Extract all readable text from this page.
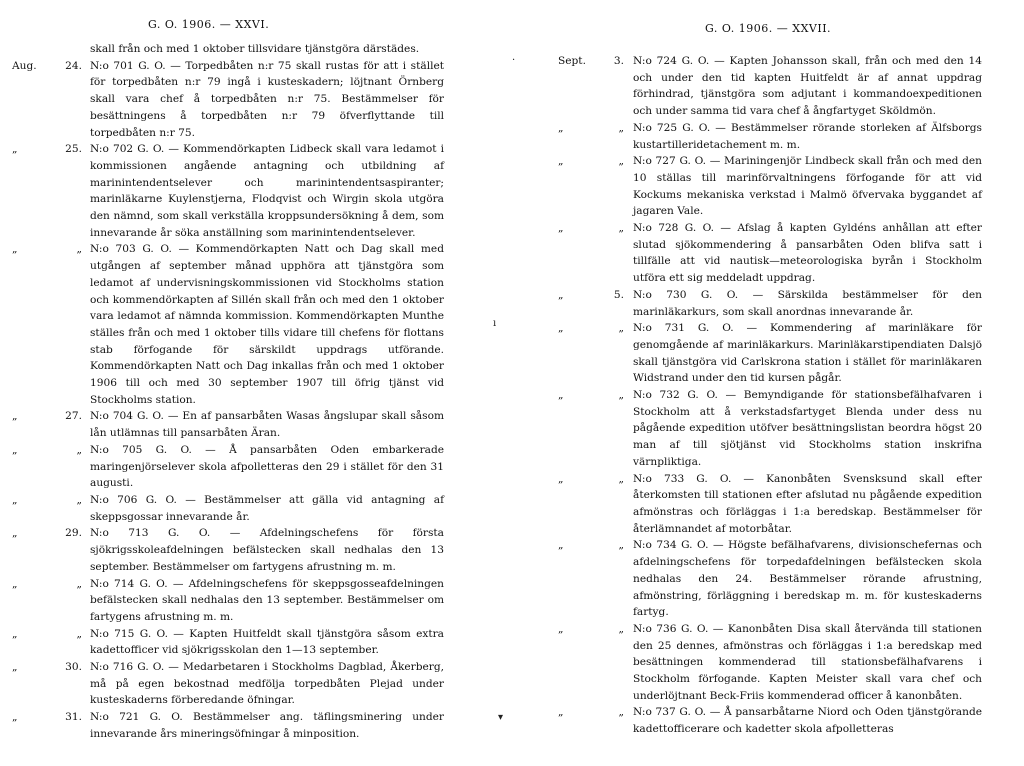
G. O. 1906. — XXVI.
skall från och med 1 oktober tillsvidare tjänstgöra därstädes.
Aug.	24. N:o 701 G. O. — Torpedbåten n:r 75 skall rustas för att i stället för torpedbåten n:r 79 ingå i kusteskadern; löjtnant Örnberg skall vara chef å torpedbåten n:r 75. Bestämmelser för besättningens å torpedbåten n:r 79 öfverflyttande till torpedbåten n:r 75.
„	25. N:o 702 G. O. — Kommendörkapten Lidbeck skall vara ledamot i kommissionen angående antagning och utbildning af marinintendentselever och marinintendentsaspiranter; marinläkarne Kuylenstjerna, Flodqvist och Wirgin skola utgöra den nämnd, som skall verkställa kroppsundersökning å dem, som innevarande år söka anställning som marinintendentselever.
„	„ N:o 703 G. O. — Kommendörkapten Natt och Dag skall med utgången af september månad upphöra att tjänstgöra som ledamot af undervisningskommissionen vid Stockholms station och kommendörkapten af Sillén skall från och med den 1 oktober vara ledamot af nämnda kommission. Kommendörkapten Munthe ställes från och med 1 oktober tills vidare till chefens för flottans stab förfogande för särskildt uppdrags utförande. Kommendörkapten Natt och Dag inkallas från och med 1 oktober 1906 till och med 30 september 1907 till öfrig tjänst vid Stockholms station.
„	27. N:o 704 G. O. — En af pansarbåten Wasas ångslupar skall såsom lån utlämnas till pansarbåten Äran.
„	„ N:o 705 G. O. — Å pansarbåten Oden embarkerade maringenjörselever skola afpolletteras den 29 i stället för den 31 augusti.
„	„ N:o 706 G. O. — Bestämmelser att gälla vid antagning af skeppsgossar innevarande år.
„	29. N:o 713 G. O. — Afdelningschefens för första sjökrigsskoleafdelningen befälstecken skall nedhalas den 13 september. Bestämmelser om fartygens afrustning m. m.
„	„ N:o 714 G. O. — Afdelningschefens för skeppsgosseafdelningen befälstecken skall nedhalas den 13 september. Bestämmelser om fartygens afrustning m. m.
„	„ N:o 715 G. O. — Kapten Huitfeldt skall tjänstgöra såsom extra kadettofficer vid sjökrigsskolan den 1—13 september.
„	30. N:o 716 G. O. — Medarbetaren i Stockholms Dagblad, Åkerberg, må på egen bekostnad medfölja torpedbåten Plejad under kusteskaderns förberedande öfningar.
„	31. N:o 721 G. O. Bestämmelser ang. täflingsminering under innevarande års mineringsöfningar å minposition.
G. O. 1906. — XXVII.
Sept.	3. N:o 724 G. O. — Kapten Johansson skall, från och med den 14 och under den tid kapten Huitfeldt är af annat uppdrag förhindrad, tjänstgöra som adjutant i kommandoexpeditionen och under samma tid vara chef å ångfartyget Sköldmön.
„	„ N:o 725 G. O. — Bestämmelser rörande storleken af Älfsborgs kustartilleridetachement m. m.
„	„ N:o 727 G. O. — Mariningenjör Lindbeck skall från och med den 10 ställas till marinförvaltningens förfogande för att vid Kockums mekaniska verkstad i Malmö öfvervaka byggandet af jagaren Vale.
„	„ N:o 728 G. O. — Afslag å kapten Gyldéns anhållan att efter slutad sjökommendering å pansarbåten Oden blifva satt i tillfälle att vid nautisk—meteorologiska byrån i Stockholm utföra ett sig meddeladt uppdrag.
„	5. N:o 730 G. O. — Särskilda bestämmelser för den marinläkarkurs, som skall anordnas innevarande år.
„	„ N:o 731 G. O. — Kommendering af marinläkare för genomgående af marinläkarkurs. Marinläkarstipendiaten Dalsjö skall tjänstgöra vid Carlskrona station i stället för marinläkaren Widstrand under den tid kursen pågår.
„	„ N:o 732 G. O. — Bemyndigande för stationsbefälhafvaren i Stockholm att å verkstadsfartyget Blenda under dess nu pågående expedition utöfver besättningslistan beordra högst 20 man af till sjötjänst vid Stockholms station inskrifna värnpliktiga.
„	„ N:o 733 G. O. — Kanonbåten Svensksund skall efter återkomsten till stationen efter afslutad nu pågående expedition afmönstras och förläggas i 1:a beredskap. Bestämmelser för återlämnandet af motorbåtar.
„	„ N:o 734 G. O. — Högste befälhafvarens, divisionschefernas och afdelningschefens för torpedafdelningen befälstecken skola nedhalas den 24. Bestämmelser rörande afrustning, afmönstring, förläggning i beredskap m. m. för kusteskaderns fartyg.
„	„ N:o 736 G. O. — Kanonbåten Disa skall återvända till stationen den 25 dennes, afmönstras och förläggas i 1:a beredskap med besättningen kommenderad till stationsbefälhafvarens i Stockholm förfogande. Kapten Meister skall vara chef och underlöjtnant Beck-Friis kommenderad officer å kanonbåten.
„	„ N:o 737 G. O. — Å pansarbåtarne Niord och Oden tjänstgörande kadettofficerare och kadetter skola afpolletteras
ı
·
▾
